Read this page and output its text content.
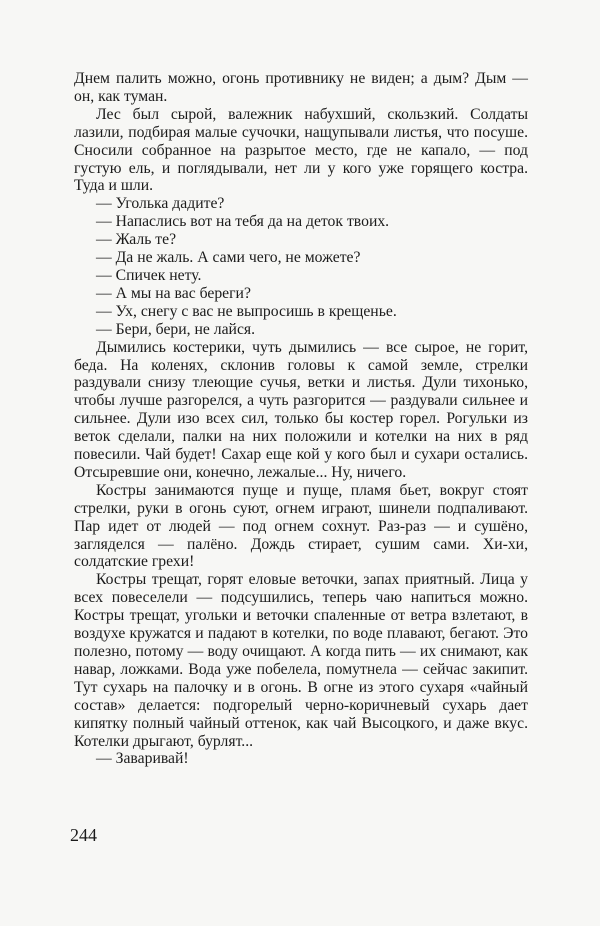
Днем палить можно, огонь противнику не виден; а дым? Дым — он, как туман.

Лес был сырой, валежник набухший, скользкий. Солдаты лазили, подбирая малые сучочки, нащупывали листья, что посуше. Сносили собранное на разрытое место, где не капало, — под густую ель, и поглядывали, нет ли у кого уже горящего костра. Туда и шли.

— Уголька дадите?

— Напаслись вот на тебя да на деток твоих.

— Жаль те?

— Да не жаль. А сами чего, не можете?

— Спичек нету.

— А мы на вас береги?

— Ух, снегу с вас не выпросишь в крещенье.

— Бери, бери, не лайся.

Дымились костерики, чуть дымились — все сырое, не горит, беда. На коленях, склонив головы к самой земле, стрелки раздували снизу тлеющие сучья, ветки и листья. Дули тихонько, чтобы лучше разгорелся, а чуть разгорится — раздували сильнее и сильнее. Дули изо всех сил, только бы костер горел. Рогульки из веток сделали, палки на них положили и котелки на них в ряд повесили. Чай будет! Сахар еще кой у кого был и сухари остались. Отсыревшие они, конечно, лежалые... Ну, ничего.

Костры занимаются пуще и пуще, пламя бьет, вокруг стоят стрелки, руки в огонь суют, огнем играют, шинели подпаливают. Пар идет от людей — под огнем сохнут. Раз-раз — и сушёно, загляделся — палёно. Дождь стирает, сушим сами. Хи-хи, солдатские грехи!

Костры трещат, горят еловые веточки, запах приятный. Лица у всех повеселели — подсушились, теперь чаю напиться можно. Костры трещат, угольки и веточки спаленные от ветра взлетают, в воздухе кружатся и падают в котелки, по воде плавают, бегают. Это полезно, потому — воду очищают. А когда пить — их снимают, как навар, ложками. Вода уже побелела, помутнела — сейчас закипит. Тут сухарь на палочку и в огонь. В огне из этого сухаря «чайный состав» делается: подгорелый черно-коричневый сухарь дает кипятку полный чайный оттенок, как чай Высоцкого, и даже вкус. Котелки дрыгают, бурлят...

— Заваривай!

244
